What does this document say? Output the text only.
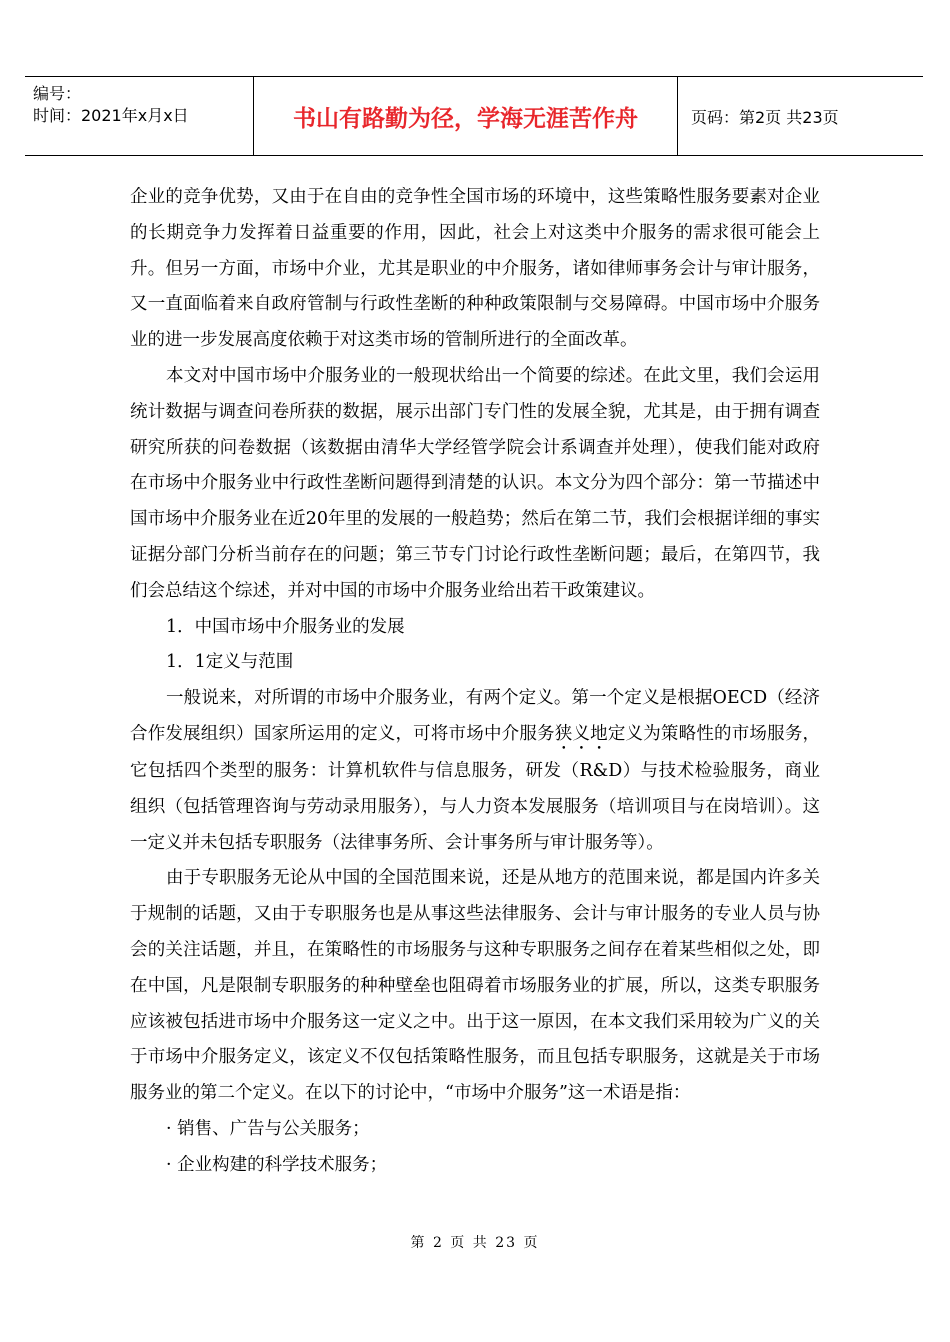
编号：
时间：2021年x月x日	书山有路勤为径，学海无涯苦作舟	页码：第2页 共23页

企业的竞争优势，又由于在自由的竞争性全国市场的环境中，这些策略性服务要素对企业的长期竞争力发挥着日益重要的作用，因此，社会上对这类中介服务的需求很可能会上升。但另一方面，市场中介业，尤其是职业的中介服务，诸如律师事务会计与审计服务，又一直面临着来自政府管制与行政性垄断的种种政策限制与交易障碍。中国市场中介服务业的进一步发展高度依赖于对这类市场的管制所进行的全面改革。

本文对中国市场中介服务业的一般现状给出一个简要的综述。在此文里，我们会运用统计数据与调查问卷所获的数据，展示出部门专门性的发展全貌，尤其是，由于拥有调查研究所获的问卷数据（该数据由清华大学经管学院会计系调查并处理），使我们能对政府在市场中介服务业中行政性垄断问题得到清楚的认识。本文分为四个部分：第一节描述中国市场中介服务业在近20年里的发展的一般趋势；然后在第二节，我们会根据详细的事实证据分部门分析当前存在的问题；第三节专门讨论行政性垄断问题；最后，在第四节，我们会总结这个综述，并对中国的市场中介服务业给出若干政策建议。

1．中国市场中介服务业的发展

1．1定义与范围

一般说来，对所谓的市场中介服务业，有两个定义。第一个定义是根据OECD（经济合作发展组织）国家所运用的定义，可将市场中介服务狭义地定义为策略性的市场服务，它包括四个类型的服务：计算机软件与信息服务，研发（R&D）与技术检验服务，商业组织（包括管理咨询与劳动录用服务），与人力资本发展服务（培训项目与在岗培训）。这一定义并未包括专职服务（法律事务所、会计事务所与审计服务等）。

由于专职服务无论从中国的全国范围来说，还是从地方的范围来说，都是国内许多关于规制的话题，又由于专职服务也是从事这些法律服务、会计与审计服务的专业人员与协会的关注话题，并且，在策略性的市场服务与这种专职服务之间存在着某些相似之处，即在中国，凡是限制专职服务的种种壁垒也阻碍着市场服务业的扩展，所以，这类专职服务应该被包括进市场中介服务这一定义之中。出于这一原因，在本文我们采用较为广义的关于市场中介服务定义，该定义不仅包括策略性服务，而且包括专职服务，这就是关于市场服务业的第二个定义。在以下的讨论中，“市场中介服务”这一术语是指：

· 销售、广告与公关服务；

· 企业构建的科学技术服务；

第 2 页 共 23 页
